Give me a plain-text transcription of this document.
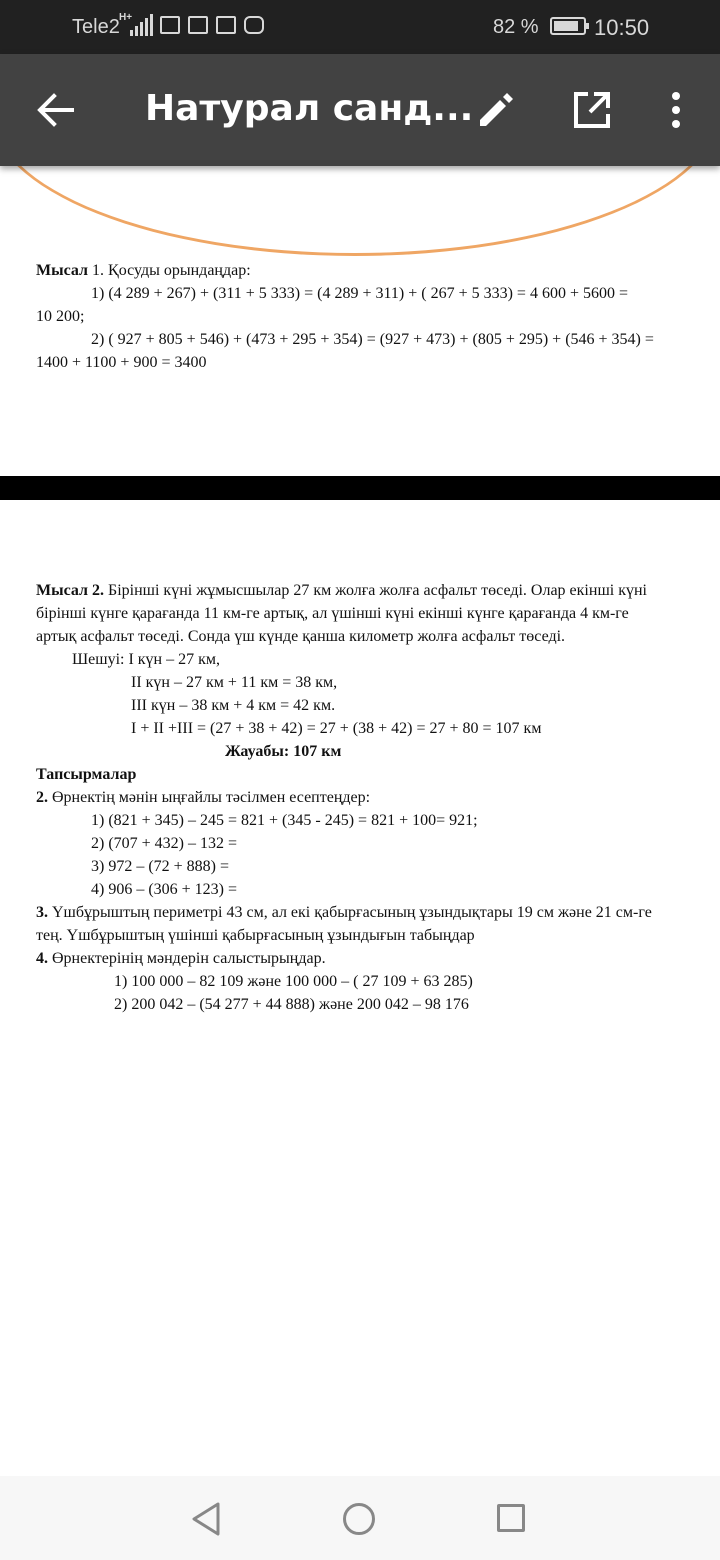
Tele2 H+	82 %	10:50
Натурал санд...
Мысал 1. Қосуды орындаңдар:
1) (4 289 + 267) + (311 + 5 333) = (4 289 + 311) + ( 267 + 5 333) = 4 600 + 5600 =
10 200;
2) ( 927 + 805 + 546) + (473 + 295 + 354) = (927 + 473) + (805 + 295) + (546 + 354) =
1400 + 1100 + 900 = 3400
Мысал 2. Бірінші күні жұмысшылар 27 км жолға жолға асфальт төседі. Олар екінші күні
бірінші күнге қарағанда 11 км-ге артық, ал үшінші күні екінші күнге қарағанда 4 км-ге
артық асфальт төседі. Сонда үш күнде қанша километр жолға асфальт төседі.
Шешуі: І күн – 27 км,
ІІ күн – 27 км + 11 км = 38 км,
ІІІ күн – 38 км + 4 км = 42 км.
І + ІІ +ІІІ = (27 + 38 + 42) = 27 + (38 + 42) = 27 + 80 = 107 км
Жауабы: 107 км
Тапсырмалар
2. Өрнектің мәнін ыңғайлы тәсілмен есептеңдер:
1) (821 + 345) – 245 = 821 + (345 - 245) = 821 + 100= 921;
2) (707 + 432) – 132 =
3) 972 – (72 + 888) =
4) 906 – (306 + 123) =
3. Үшбұрыштың периметрі 43 см, ал екі қабырғасының ұзындықтары 19 см және 21 см-ге
тең. Үшбұрыштың үшінші қабырғасының ұзындығын табыңдар
4. Өрнектерінің мәндерін салыстырыңдар.
1) 100 000 – 82 109 және 100 000 – ( 27 109 + 63 285)
2) 200 042 – (54 277 + 44 888) және 200 042 – 98 176
